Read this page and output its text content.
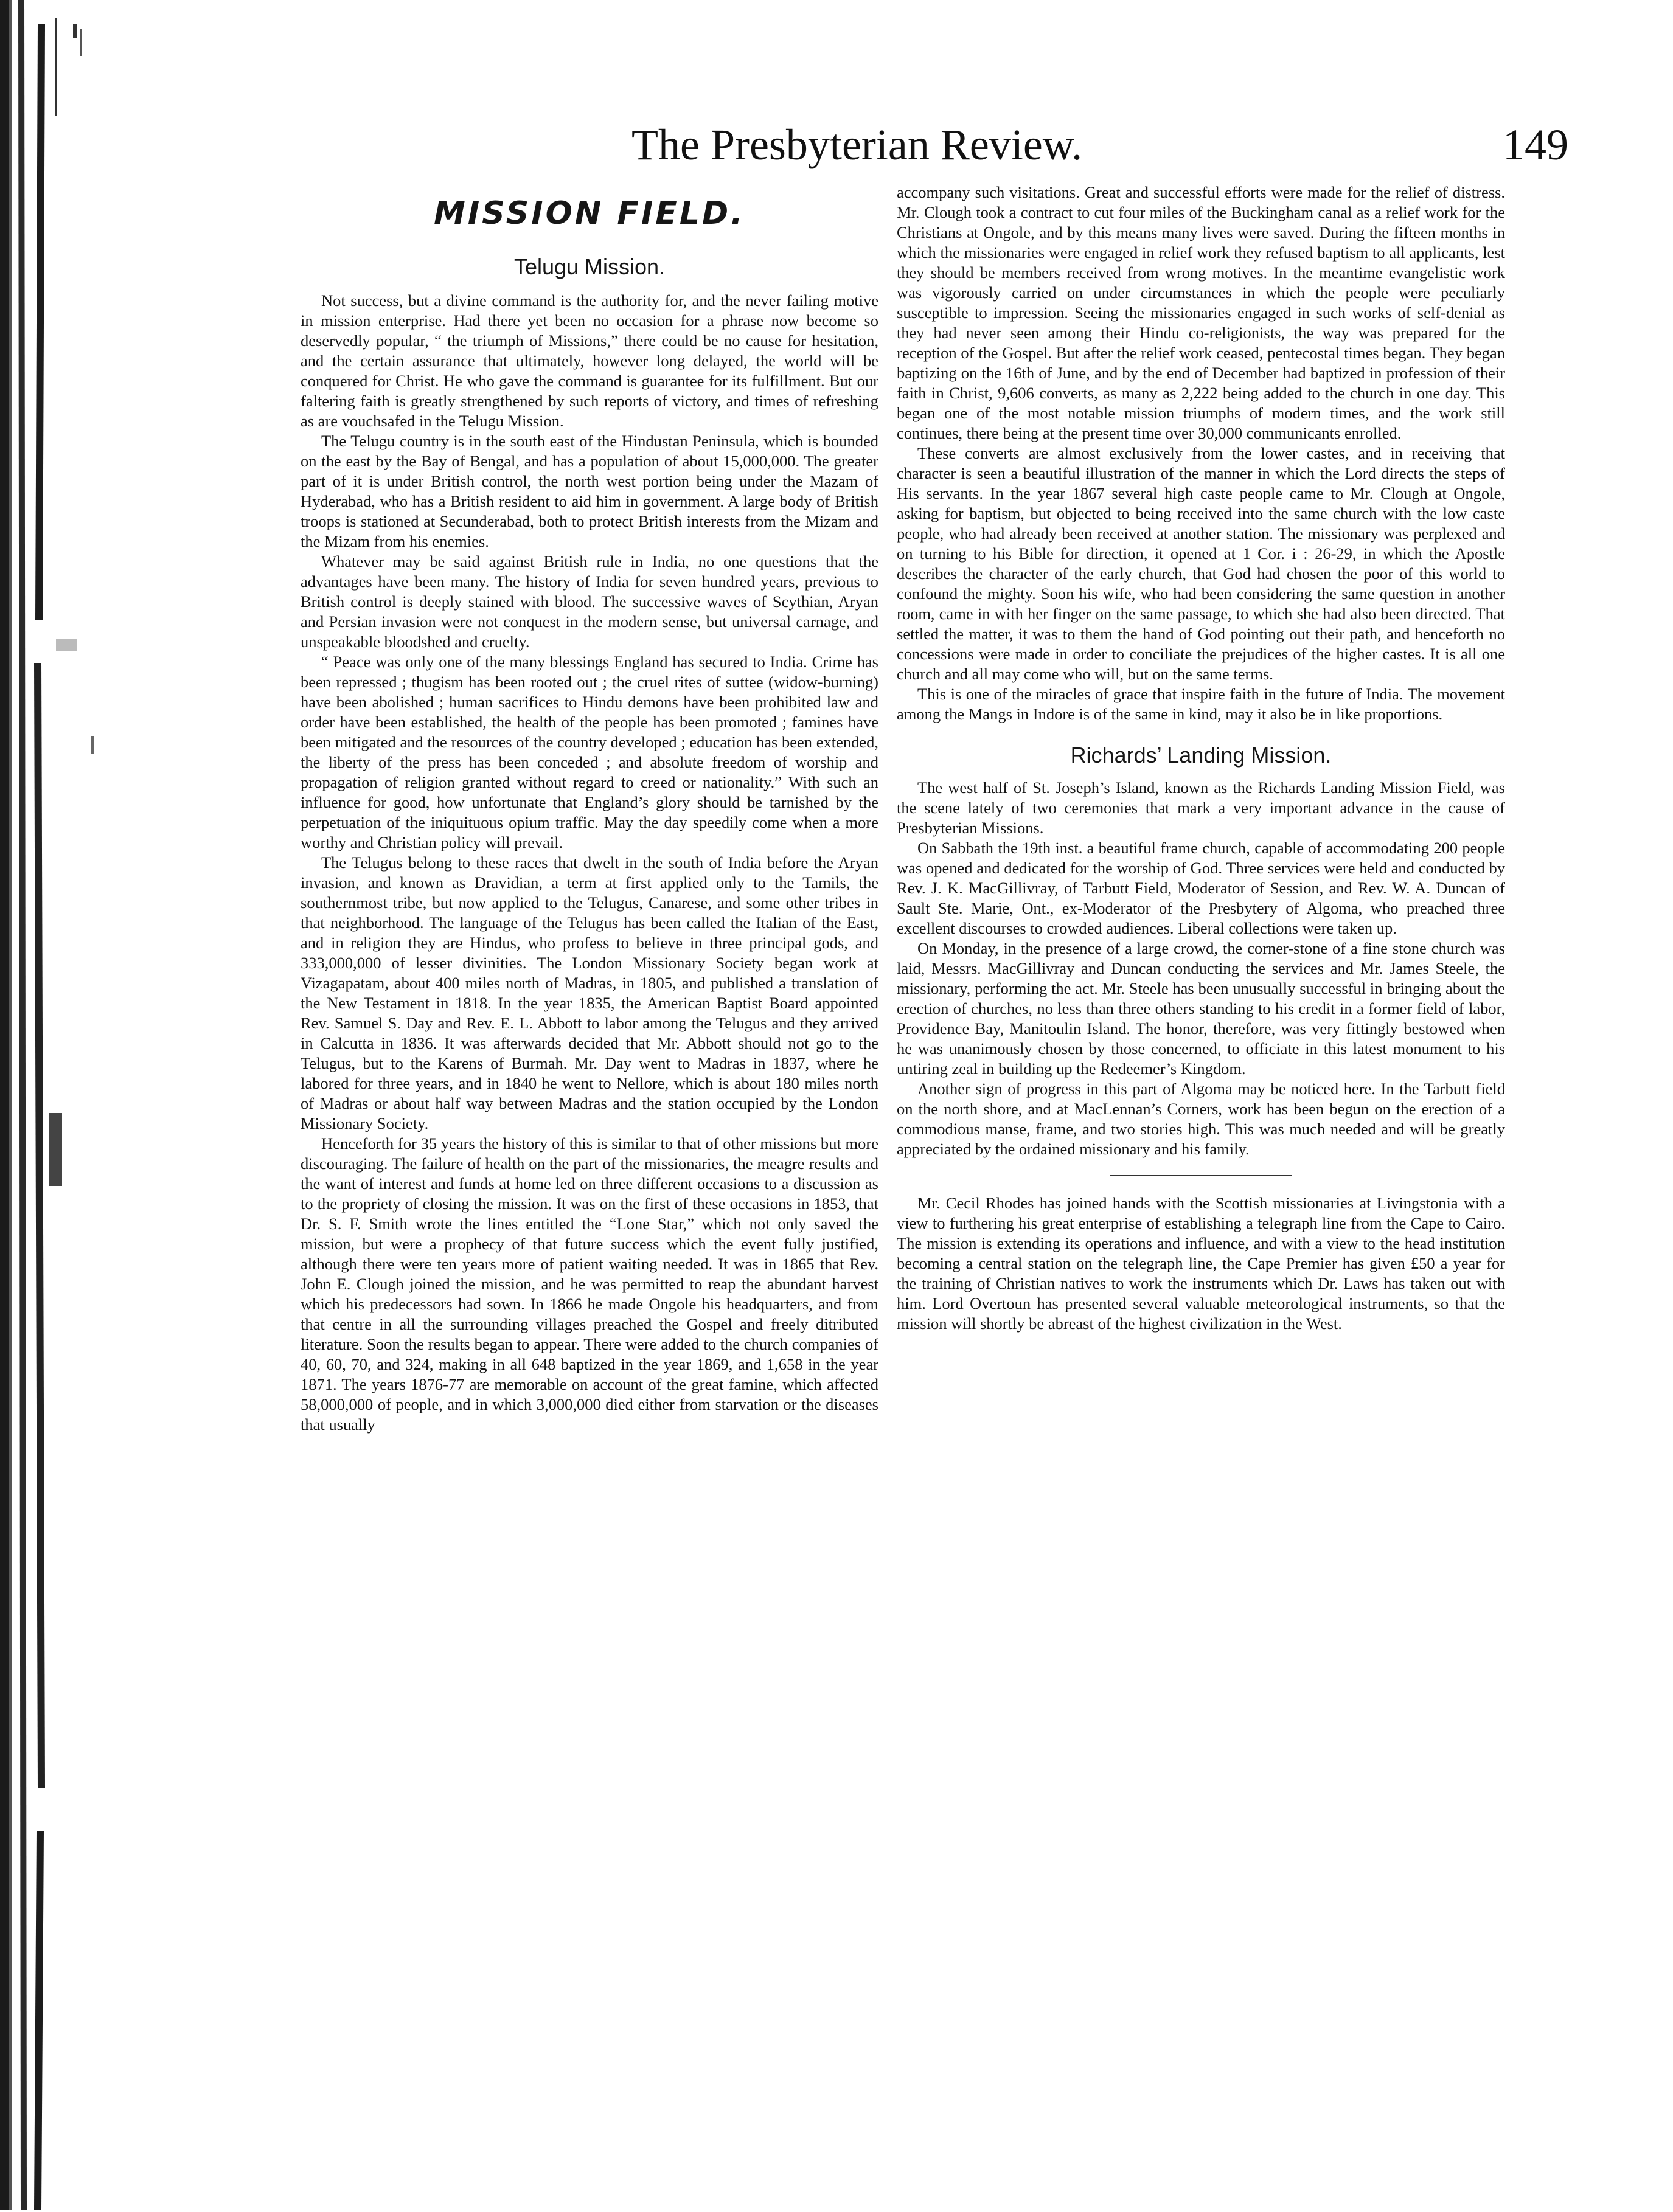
The Presbyterian Review.	149
MISSION FIELD.
Telugu Mission.

Not success, but a divine command is the authority for, and the never failing motive in mission enterprise. Had there yet been no occasion for a phrase now become so deservedly popular, “ the triumph of Missions,” there could be no cause for hesitation, and the certain assurance that ultimately, however long delayed, the world will be conquered for Christ. He who gave the command is guarantee for its fulfillment. But our faltering faith is greatly strengthened by such reports of victory, and times of refreshing as are vouchsafed in the Telugu Mission.

The Telugu country is in the south east of the Hindustan Peninsula, which is bounded on the east by the Bay of Bengal, and has a population of about 15,000,000. The greater part of it is under British control, the north west portion being under the Mazam of Hyderabad, who has a British resident to aid him in government. A large body of British troops is stationed at Secunderabad, both to protect British interests from the Mizam and the Mizam from his enemies.

Whatever may be said against British rule in India, no one questions that the advantages have been many. The history of India for seven hundred years, previous to British control is deeply stained with blood. The successive waves of Scythian, Aryan and Persian invasion were not conquest in the modern sense, but universal carnage, and unspeakable bloodshed and cruelty.

“ Peace was only one of the many blessings England has secured to India. Crime has been repressed ; thugism has been rooted out ; the cruel rites of suttee (widow-burning) have been abolished ; human sacrifices to Hindu demons have been prohibited law and order have been established, the health of the people has been promoted ; famines have been mitigated and the resources of the country developed ; education has been extended, the liberty of the press has been conceded ; and absolute freedom of worship and propagation of religion granted without regard to creed or nationality.” With such an influence for good, how unfortunate that England’s glory should be tarnished by the perpetuation of the iniquituous opium traffic. May the day speedily come when a more worthy and Christian policy will prevail.

The Telugus belong to these races that dwelt in the south of India before the Aryan invasion, and known as Dravidian, a term at first applied only to the Tamils, the southernmost tribe, but now applied to the Telugus, Canarese, and some other tribes in that neighborhood. The language of the Telugus has been called the Italian of the East, and in religion they are Hindus, who profess to believe in three principal gods, and 333,000,000 of lesser divinities. The London Missionary Society began work at Vizagapatam, about 400 miles north of Madras, in 1805, and published a translation of the New Testament in 1818. In the year 1835, the American Baptist Board appointed Rev. Samuel S. Day and Rev. E. L. Abbott to labor among the Telugus and they arrived in Calcutta in 1836. It was afterwards decided that Mr. Abbott should not go to the Telugus, but to the Karens of Burmah. Mr. Day went to Madras in 1837, where he labored for three years, and in 1840 he went to Nellore, which is about 180 miles north of Madras or about half way between Madras and the station occupied by the London Missionary Society.

Henceforth for 35 years the history of this is similar to that of other missions but more discouraging. The failure of health on the part of the missionaries, the meagre results and the want of interest and funds at home led on three different occasions to a discussion as to the propriety of closing the mission. It was on the first of these occasions in 1853, that Dr. S. F. Smith wrote the lines entitled the “Lone Star,” which not only saved the mission, but were a prophecy of that future success which the event fully justified, although there were ten years more of patient waiting needed. It was in 1865 that Rev. John E. Clough joined the mission, and he was permitted to reap the abundant harvest which his predecessors had sown. In 1866 he made Ongole his headquarters, and from that centre in all the surrounding villages preached the Gospel and freely ditributed literature. Soon the results began to appear. There were added to the church companies of 40, 60, 70, and 324, making in all 648 baptized in the year 1869, and 1,658 in the year 1871. The years 1876-77 are memorable on account of the great famine, which affected 58,000,000 of people, and in which 3,000,000 died either from starvation or the diseases that usually

accompany such visitations. Great and successful efforts were made for the relief of distress. Mr. Clough took a contract to cut four miles of the Buckingham canal as a relief work for the Christians at Ongole, and by this means many lives were saved. During the fifteen months in which the missionaries were engaged in relief work they refused baptism to all applicants, lest they should be members received from wrong motives. In the meantime evangelistic work was vigorously carried on under circumstances in which the people were peculiarly susceptible to impression. Seeing the missionaries engaged in such works of self-denial as they had never seen among their Hindu co-religionists, the way was prepared for the reception of the Gospel. But after the relief work ceased, pentecostal times began. They began baptizing on the 16th of June, and by the end of December had baptized in profession of their faith in Christ, 9,606 converts, as many as 2,222 being added to the church in one day. This began one of the most notable mission triumphs of modern times, and the work still continues, there being at the present time over 30,000 communicants enrolled.

These converts are almost exclusively from the lower castes, and in receiving that character is seen a beautiful illustration of the manner in which the Lord directs the steps of His servants. In the year 1867 several high caste people came to Mr. Clough at Ongole, asking for baptism, but objected to being received into the same church with the low caste people, who had already been received at another station. The missionary was perplexed and on turning to his Bible for direction, it opened at 1 Cor. i : 26-29, in which the Apostle describes the character of the early church, that God had chosen the poor of this world to confound the mighty. Soon his wife, who had been considering the same question in another room, came in with her finger on the same passage, to which she had also been directed. That settled the matter, it was to them the hand of God pointing out their path, and henceforth no concessions were made in order to conciliate the prejudices of the higher castes. It is all one church and all may come who will, but on the same terms.

This is one of the miracles of grace that inspire faith in the future of India. The movement among the Mangs in Indore is of the same in kind, may it also be in like proportions.

Richards’ Landing Mission.

The west half of St. Joseph’s Island, known as the Richards Landing Mission Field, was the scene lately of two ceremonies that mark a very important advance in the cause of Presbyterian Missions.

On Sabbath the 19th inst. a beautiful frame church, capable of accommodating 200 people was opened and dedicated for the worship of God. Three services were held and conducted by Rev. J. K. MacGillivray, of Tarbutt Field, Moderator of Session, and Rev. W. A. Duncan of Sault Ste. Marie, Ont., ex-Moderator of the Presbytery of Algoma, who preached three excellent discourses to crowded audiences. Liberal collections were taken up.

On Monday, in the presence of a large crowd, the corner-stone of a fine stone church was laid, Messrs. MacGillivray and Duncan conducting the services and Mr. James Steele, the missionary, performing the act. Mr. Steele has been unusually successful in bringing about the erection of churches, no less than three others standing to his credit in a former field of labor, Providence Bay, Manitoulin Island. The honor, therefore, was very fittingly bestowed when he was unanimously chosen by those concerned, to officiate in this latest monument to his untiring zeal in building up the Redeemer’s Kingdom.

Another sign of progress in this part of Algoma may be noticed here. In the Tarbutt field on the north shore, and at MacLennan’s Corners, work has been begun on the erection of a commodious manse, frame, and two stories high. This was much needed and will be greatly appreciated by the ordained missionary and his family.

Mr. Cecil Rhodes has joined hands with the Scottish missionaries at Livingstonia with a view to furthering his great enterprise of establishing a telegraph line from the Cape to Cairo. The mission is extending its operations and influence, and with a view to the head institution becoming a central station on the telegraph line, the Cape Premier has given £50 a year for the training of Christian natives to work the instruments which Dr. Laws has taken out with him. Lord Overtoun has presented several valuable meteorological instruments, so that the mission will shortly be abreast of the highest civilization in the West.
